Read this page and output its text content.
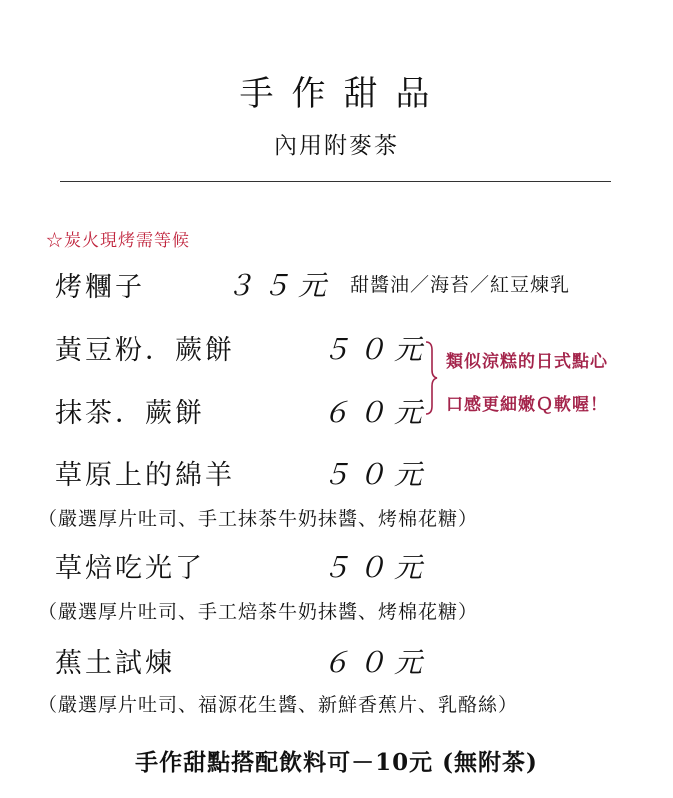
手作甜品
內用附麥茶
☆炭火現烤需等候
烤糰子	３５元 甜醬油／海苔／紅豆煉乳
黃豆粉．蕨餅	５０元
抹茶．蕨餅	６０元
類似涼糕的日式點心
口感更細嫩Ｑ軟喔！
草原上的綿羊	５０元
（嚴選厚片吐司、手工抹茶牛奶抹醬、烤棉花糖）
草焙吃光了	５０元
（嚴選厚片吐司、手工焙茶牛奶抹醬、烤棉花糖）
蕉土試煉	６０元
（嚴選厚片吐司、福源花生醬、新鮮香蕉片、乳酪絲）
手作甜點搭配飲料可－10元 (無附茶)
